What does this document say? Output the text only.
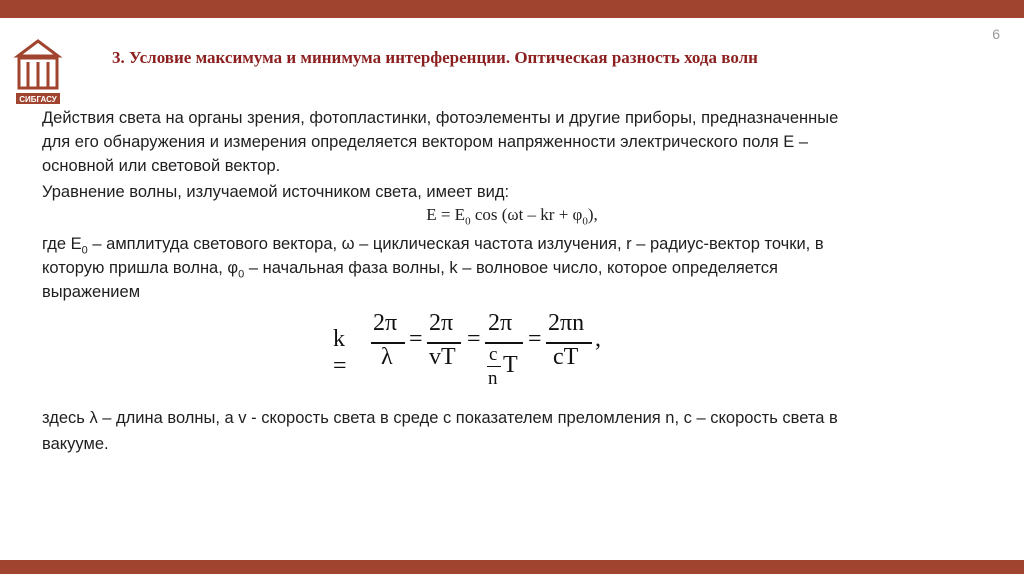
6
СИБГАСУ
3. Условие максимума и минимума интерференции. Оптическая разность хода волн
Действия света на органы зрения, фотопластинки, фотоэлементы и другие приборы, предназначенные
для его обнаружения и измерения определяется вектором напряженности электрического поля E –
основной или световой вектор.
Уравнение волны, излучаемой источником света, имеет вид:
$E = E_0$ cos (ωt – kr + $\varphi_0$),
где $E_0$ – амплитуда светового вектора, ω – циклическая частота излучения, r – радиус-вектор точки, в
которую пришла волна, $\varphi_0$ – начальная фаза волны, k – волновое число, которое определяется
выражением
k =
2π
λ
=
2π
vT
=
2π
c
n
T
=
2πn
cT
,
здесь λ – длина волны, а v - скорость света в среде с показателем преломления n, c – скорость света в
вакууме.
